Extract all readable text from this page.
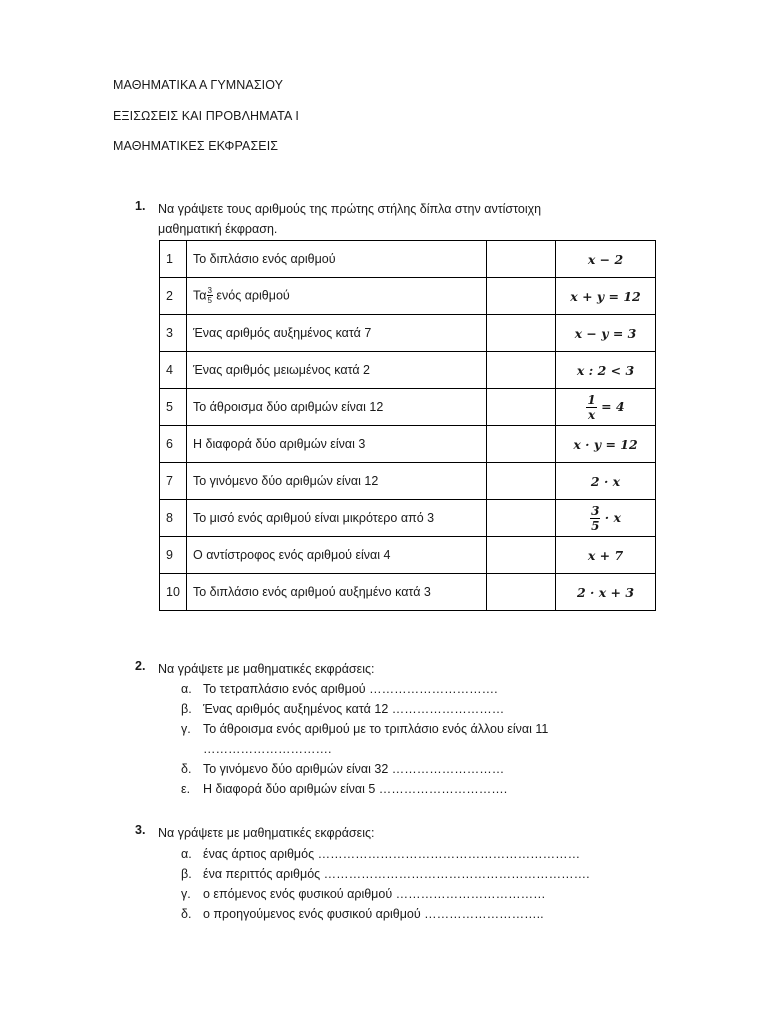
ΜΑΘΗΜΑΤΙΚΑ Α ΓΥΜΝΑΣΙΟΥ
ΕΞΙΣΩΣΕΙΣ ΚΑΙ ΠΡΟΒΛΗΜΑΤΑ Ι
ΜΑΘΗΜΑΤΙΚΕΣ ΕΚΦΡΑΣΕΙΣ
1. Να γράψετε τους αριθμούς της πρώτης στήλης δίπλα στην αντίστοιχη
μαθηματική έκφραση.
1	Το διπλάσιο ενός αριθμού		x − 2
2	Τα $\frac{3}{5}$ ενός αριθμού		x + y = 12
3	Ένας αριθμός αυξημένος κατά 7		x − y = 3
4	Ένας αριθμός μειωμένος κατά 2		x : 2 < 3
5	Το άθροισμα δύο αριθμών είναι 12		$\frac{1}{x} = 4$
6	Η διαφορά δύο αριθμών είναι 3		x · y = 12
7	Το γινόμενο δύο αριθμών είναι 12		2 · x
8	Το μισό ενός αριθμού είναι μικρότερο από 3		$\frac{3}{5} \cdot x$
9	Ο αντίστροφος ενός αριθμού είναι 4		x + 7
10	Το διπλάσιο ενός αριθμού αυξημένο κατά 3		2 · x + 3
2. Να γράψετε με μαθηματικές εκφράσεις:
α. Το τετραπλάσιο ενός αριθμού ………………………….
β. Ένας αριθμός αυξημένος κατά 12 ………………………
γ. Το άθροισμα ενός αριθμού με το τριπλάσιο ενός άλλου είναι 11
………………………….
δ. Το γινόμενο δύο αριθμών είναι 32 ………………………
ε. Η διαφορά δύο αριθμών είναι 5 ………………………….
3. Να γράψετε με μαθηματικές εκφράσεις:
α. ένας άρτιος αριθμός ………………………………………………………
β. ένα περιττός αριθμός ……………………………………………………….
γ. ο επόμενος ενός φυσικού αριθμού ………………………………
δ. ο προηγούμενος ενός φυσικού αριθμού ………………………..
